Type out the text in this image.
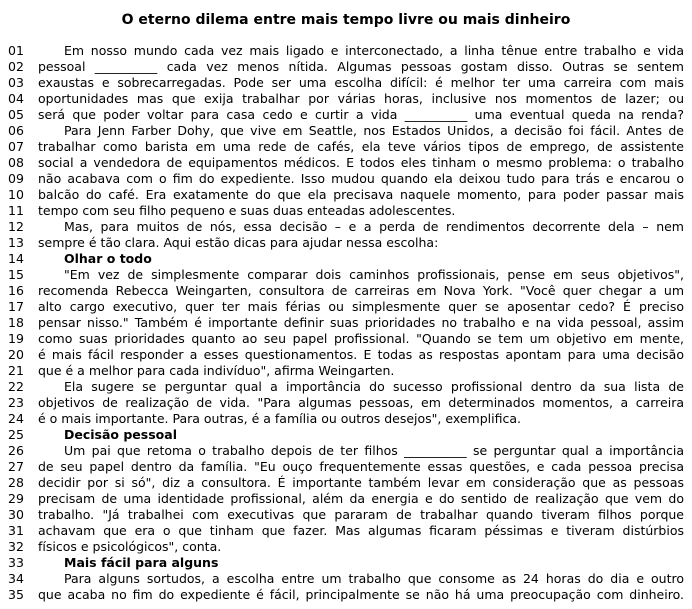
O eterno dilema entre mais tempo livre ou mais dinheiro
01	Em nosso mundo cada vez mais ligado e interconectado, a linha tênue entre trabalho e vida
02	pessoal __________ cada vez menos nítida. Algumas pessoas gostam disso. Outras se sentem
03	exaustas e sobrecarregadas. Pode ser uma escolha difícil: é melhor ter uma carreira com mais
04	oportunidades mas que exija trabalhar por várias horas, inclusive nos momentos de lazer; ou
05	será que poder voltar para casa cedo e curtir a vida __________ uma eventual queda na renda?
06	Para Jenn Farber Dohy, que vive em Seattle, nos Estados Unidos, a decisão foi fácil. Antes de
07	trabalhar como barista em uma rede de cafés, ela teve vários tipos de emprego, de assistente
08	social a vendedora de equipamentos médicos. E todos eles tinham o mesmo problema: o trabalho
09	não acabava com o fim do expediente. Isso mudou quando ela deixou tudo para trás e encarou o
10	balcão do café. Era exatamente do que ela precisava naquele momento, para poder passar mais
11	tempo com seu filho pequeno e suas duas enteadas adolescentes.
12	Mas, para muitos de nós, essa decisão – e a perda de rendimentos decorrente dela – nem
13	sempre é tão clara. Aqui estão dicas para ajudar nessa escolha:
14	Olhar o todo
15	"Em vez de simplesmente comparar dois caminhos profissionais, pense em seus objetivos",
16	recomenda Rebecca Weingarten, consultora de carreiras em Nova York. "Você quer chegar a um
17	alto cargo executivo, quer ter mais férias ou simplesmente quer se aposentar cedo? É preciso
18	pensar nisso." Também é importante definir suas prioridades no trabalho e na vida pessoal, assim
19	como suas prioridades quanto ao seu papel profissional. "Quando se tem um objetivo em mente,
20	é mais fácil responder a esses questionamentos. E todas as respostas apontam para uma decisão
21	que é a melhor para cada indivíduo", afirma Weingarten.
22	Ela sugere se perguntar qual a importância do sucesso profissional dentro da sua lista de
23	objetivos de realização de vida. "Para algumas pessoas, em determinados momentos, a carreira
24	é o mais importante. Para outras, é a família ou outros desejos", exemplifica.
25	Decisão pessoal
26	Um pai que retoma o trabalho depois de ter filhos __________ se perguntar qual a importância
27	de seu papel dentro da família. "Eu ouço frequentemente essas questões, e cada pessoa precisa
28	decidir por si só", diz a consultora. É importante também levar em consideração que as pessoas
29	precisam de uma identidade profissional, além da energia e do sentido de realização que vem do
30	trabalho. "Já trabalhei com executivas que pararam de trabalhar quando tiveram filhos porque
31	achavam que era o que tinham que fazer. Mas algumas ficaram péssimas e tiveram distúrbios
32	físicos e psicológicos", conta.
33	Mais fácil para alguns
34	Para alguns sortudos, a escolha entre um trabalho que consome as 24 horas do dia e outro
35	que acaba no fim do expediente é fácil, principalmente se não há uma preocupação com dinheiro.
